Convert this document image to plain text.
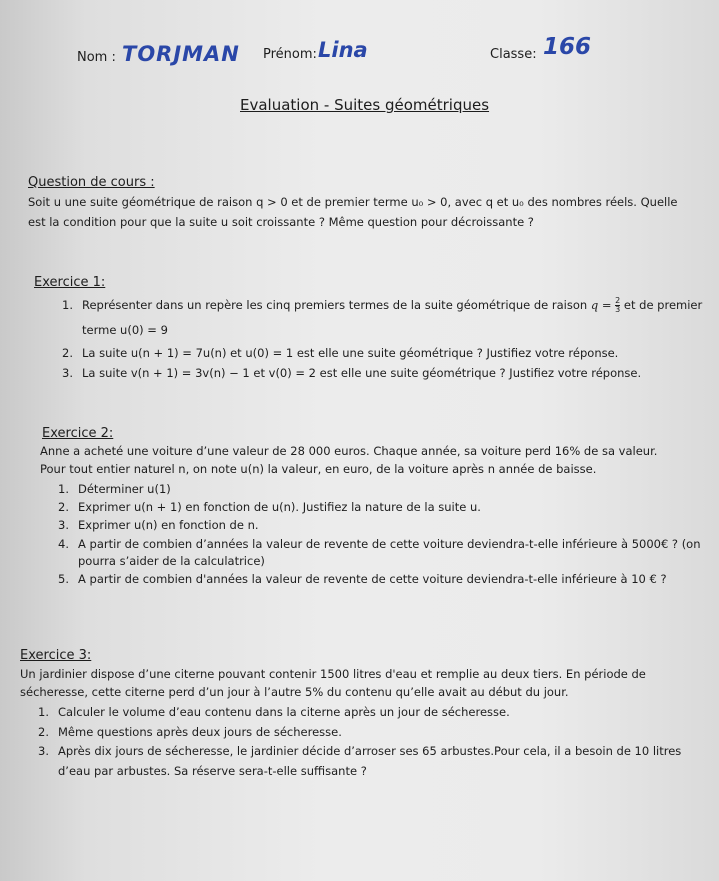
Nom : TORJMAN Prénom: Lina	Classe: 166
Evaluation - Suites géométriques
Question de cours :
Soit u une suite géométrique de raison q > 0 et de premier terme u₀ > 0, avec q et u₀ des nombres réels. Quelle
est la condition pour que la suite u soit croissante ? Même question pour décroissante ?
Exercice 1:
1. Représenter dans un repère les cinq premiers termes de la suite géométrique de raison $q = \frac{2}{3}$ et de premier
terme u(0) = 9
2. La suite u(n + 1) = 7u(n) et u(0) = 1 est elle une suite géométrique ? Justifiez votre réponse.
3. La suite v(n + 1) = 3v(n) − 1 et v(0) = 2 est elle une suite géométrique ? Justifiez votre réponse.
Exercice 2:
Anne a acheté une voiture d’une valeur de 28 000 euros. Chaque année, sa voiture perd 16% de sa valeur.
Pour tout entier naturel n, on note u(n) la valeur, en euro, de la voiture après n année de baisse.
1. Déterminer u(1)
2. Exprimer u(n + 1) en fonction de u(n). Justifiez la nature de la suite u.
3. Exprimer u(n) en fonction de n.
4. A partir de combien d’années la valeur de revente de cette voiture deviendra-t-elle inférieure à 5000€ ? (on
pourra s’aider de la calculatrice)
5. A partir de combien d'années la valeur de revente de cette voiture deviendra-t-elle inférieure à 10 € ?
Exercice 3:
Un jardinier dispose d’une citerne pouvant contenir 1500 litres d'eau et remplie au deux tiers. En période de
sécheresse, cette citerne perd d’un jour à l’autre 5% du contenu qu’elle avait au début du jour.
1. Calculer le volume d’eau contenu dans la citerne après un jour de sécheresse.
2. Même questions après deux jours de sécheresse.
3. Après dix jours de sécheresse, le jardinier décide d’arroser ses 65 arbustes.Pour cela, il a besoin de 10 litres
d’eau par arbustes. Sa réserve sera-t-elle suffisante ?
